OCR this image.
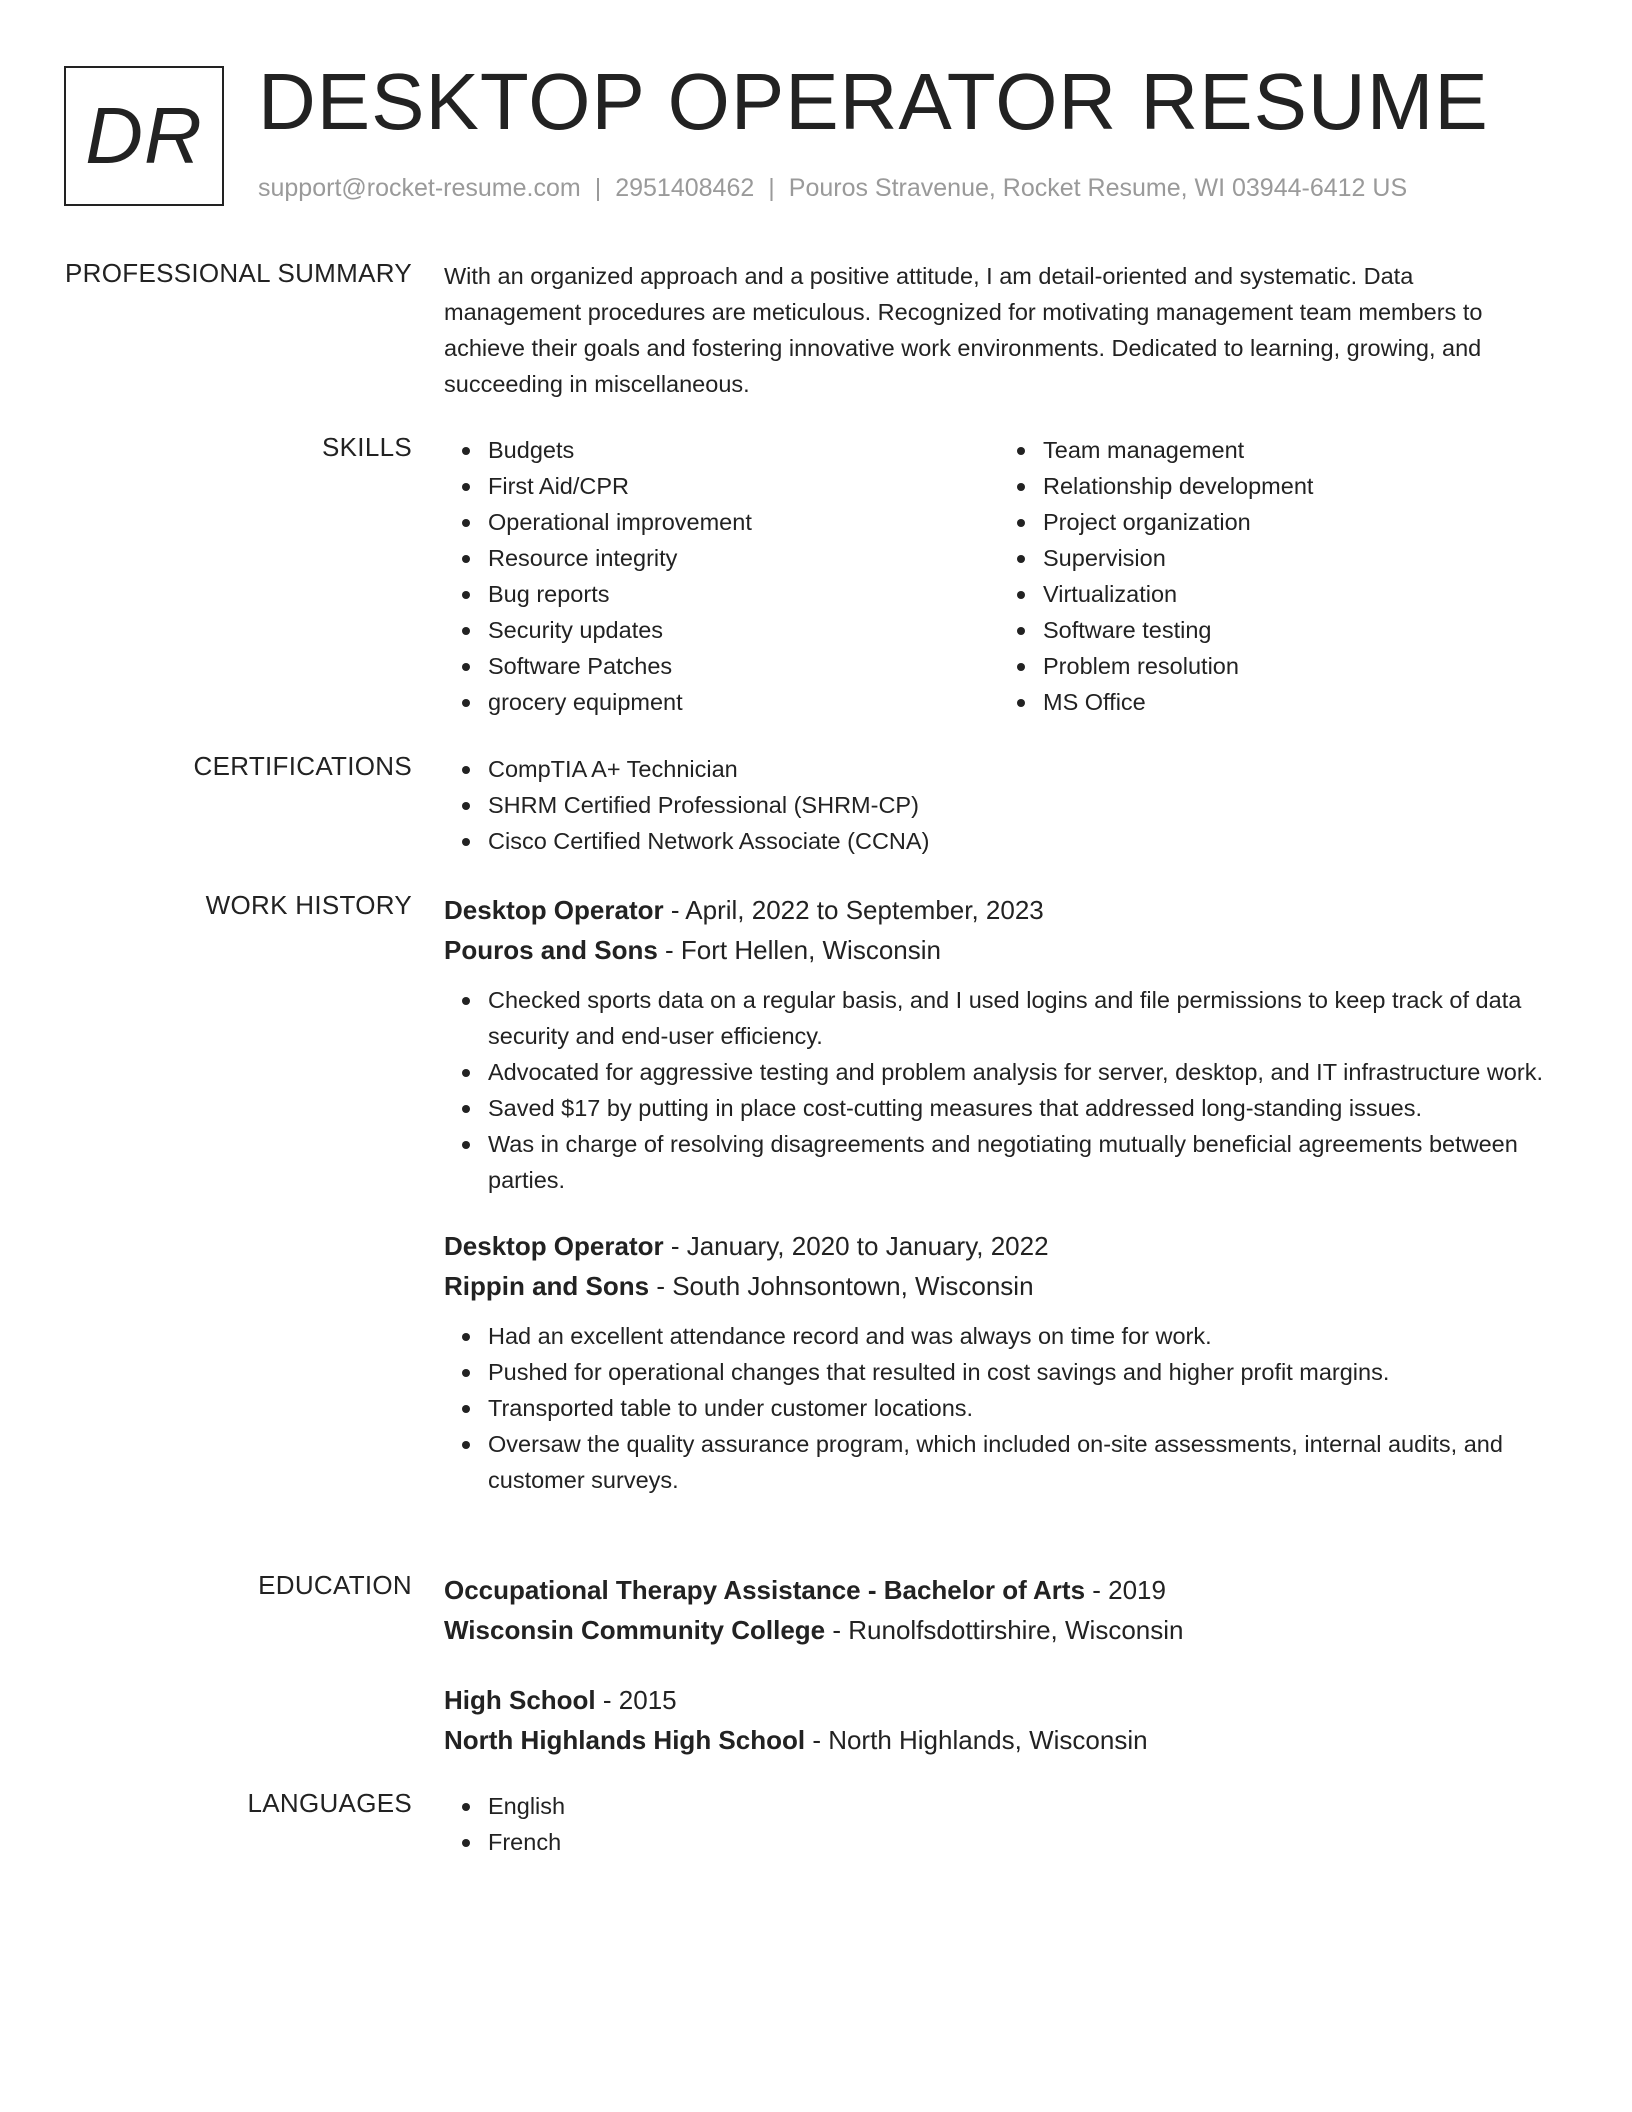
DR DESKTOP OPERATOR RESUME
support@rocket-resume.com | 2951408462 | Pouros Stravenue, Rocket Resume, WI 03944-6412 US
PROFESSIONAL SUMMARY With an organized approach and a positive attitude, I am detail-oriented and systematic. Data management procedures are meticulous. Recognized for motivating management team members to achieve their goals and fostering innovative work environments. Dedicated to learning, growing, and succeeding in miscellaneous.

SKILLS	Budgets
First Aid/CPR
Operational improvement
Resource integrity
Bug reports
Security updates
Software Patches
grocery equipment
Team management
Relationship development
Project organization
Supervision
Virtualization
Software testing
Problem resolution
MS Office
CERTIFICATIONS	CompTIA A+ Technician
SHRM Certified Professional (SHRM-CP)
Cisco Certified Network Associate (CCNA)
WORK HISTORY Desktop Operator - April, 2022 to September, 2023
Pouros and Sons - Fort Hellen, Wisconsin
Checked sports data on a regular basis, and I used logins and file permissions to keep track of data security and end-user efficiency.
Advocated for aggressive testing and problem analysis for server, desktop, and IT infrastructure work.
Saved $17 by putting in place cost-cutting measures that addressed long-standing issues.
Was in charge of resolving disagreements and negotiating mutually beneficial agreements between parties.
Desktop Operator - January, 2020 to January, 2022
Rippin and Sons - South Johnsontown, Wisconsin
Had an excellent attendance record and was always on time for work.
Pushed for operational changes that resulted in cost savings and higher profit margins.
Transported table to under customer locations.
Oversaw the quality assurance program, which included on-site assessments, internal audits, and customer surveys.
EDUCATION Occupational Therapy Assistance - Bachelor of Arts - 2019
Wisconsin Community College - Runolfsdottirshire, Wisconsin
High School - 2015
North Highlands High School - North Highlands, Wisconsin
LANGUAGES	English
French
